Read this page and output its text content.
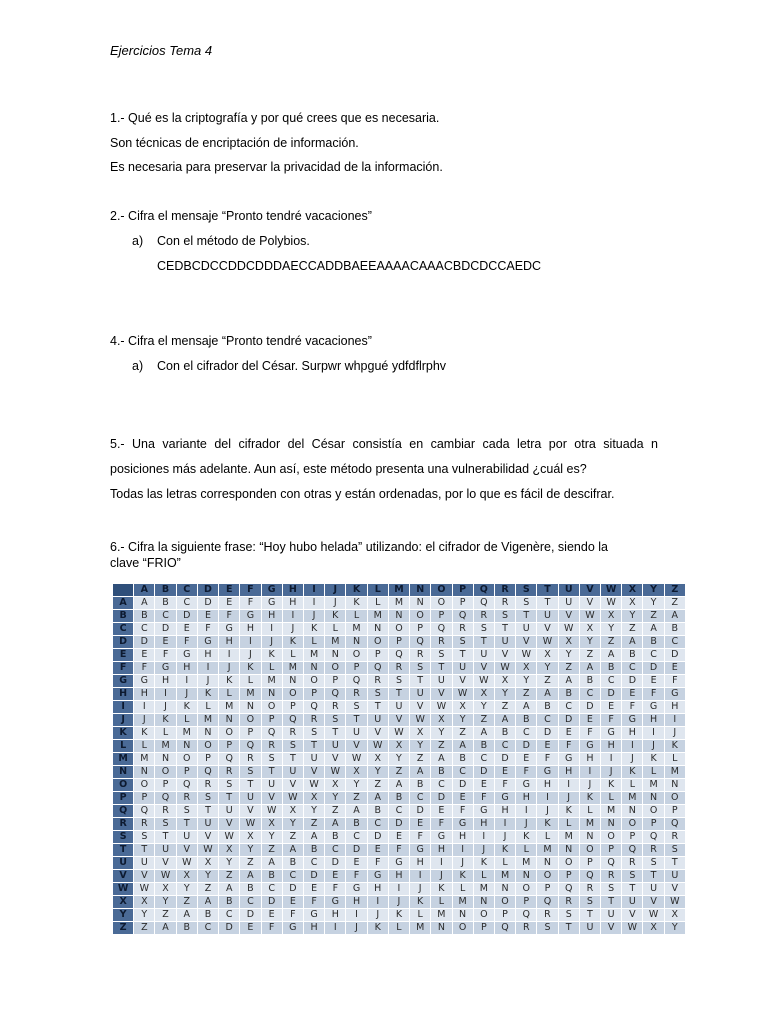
Ejercicios Tema 4
1.- Qué es la criptografía y por qué crees que es necesaria.
Son técnicas de encriptación de información.
Es necesaria para preservar la privacidad de la información.
2.- Cifra el mensaje “Pronto tendré vacaciones”
a) Con el método de Polybios.
CEDBCDCCDDCDDDAECCADDBAEEAAAACAAACBDCDCCAEDC
4.- Cifra el mensaje “Pronto tendré vacaciones”
a) Con el cifrador del César. Surpwr whpgué ydfdflrphv
5.- Una variante del cifrador del César consistía en cambiar cada letra por otra situada n
posiciones más adelante. Aun así, este método presenta una vulnerabilidad ¿cuál es?
Todas las letras corresponden con otras y están ordenadas, por lo que es fácil de descifrar.
6.- Cifra la siguiente frase: “Hoy hubo helada” utilizando: el cifrador de Vigenère, siendo la
clave “FRIO”
	A	B	C	D	E	F	G	H	I	J	K	L	M	N	O	P	Q	R	S	T	U	V	W	X	Y	Z
A	A	B	C	D	E	F	G	H	I	J	K	L	M	N	O	P	Q	R	S	T	U	V	W	X	Y	Z
B	B	C	D	E	F	G	H	I	J	K	L	M	N	O	P	Q	R	S	T	U	V	W	X	Y	Z	A
C	C	D	E	F	G	H	I	J	K	L	M	N	O	P	Q	R	S	T	U	V	W	X	Y	Z	A	B
D	D	E	F	G	H	I	J	K	L	M	N	O	P	Q	R	S	T	U	V	W	X	Y	Z	A	B	C
E	E	F	G	H	I	J	K	L	M	N	O	P	Q	R	S	T	U	V	W	X	Y	Z	A	B	C	D
F	F	G	H	I	J	K	L	M	N	O	P	Q	R	S	T	U	V	W	X	Y	Z	A	B	C	D	E
G	G	H	I	J	K	L	M	N	O	P	Q	R	S	T	U	V	W	X	Y	Z	A	B	C	D	E	F
H	H	I	J	K	L	M	N	O	P	Q	R	S	T	U	V	W	X	Y	Z	A	B	C	D	E	F	G
I	I	J	K	L	M	N	O	P	Q	R	S	T	U	V	W	X	Y	Z	A	B	C	D	E	F	G	H
J	J	K	L	M	N	O	P	Q	R	S	T	U	V	W	X	Y	Z	A	B	C	D	E	F	G	H	I
K	K	L	M	N	O	P	Q	R	S	T	U	V	W	X	Y	Z	A	B	C	D	E	F	G	H	I	J
L	L	M	N	O	P	Q	R	S	T	U	V	W	X	Y	Z	A	B	C	D	E	F	G	H	I	J	K
M	M	N	O	P	Q	R	S	T	U	V	W	X	Y	Z	A	B	C	D	E	F	G	H	I	J	K	L
N	N	O	P	Q	R	S	T	U	V	W	X	Y	Z	A	B	C	D	E	F	G	H	I	J	K	L	M
O	O	P	Q	R	S	T	U	V	W	X	Y	Z	A	B	C	D	E	F	G	H	I	J	K	L	M	N
P	P	Q	R	S	T	U	V	W	X	Y	Z	A	B	C	D	E	F	G	H	I	J	K	L	M	N	O
Q	Q	R	S	T	U	V	W	X	Y	Z	A	B	C	D	E	F	G	H	I	J	K	L	M	N	O	P
R	R	S	T	U	V	W	X	Y	Z	A	B	C	D	E	F	G	H	I	J	K	L	M	N	O	P	Q
S	S	T	U	V	W	X	Y	Z	A	B	C	D	E	F	G	H	I	J	K	L	M	N	O	P	Q	R
T	T	U	V	W	X	Y	Z	A	B	C	D	E	F	G	H	I	J	K	L	M	N	O	P	Q	R	S
U	U	V	W	X	Y	Z	A	B	C	D	E	F	G	H	I	J	K	L	M	N	O	P	Q	R	S	T
V	V	W	X	Y	Z	A	B	C	D	E	F	G	H	I	J	K	L	M	N	O	P	Q	R	S	T	U
W	W	X	Y	Z	A	B	C	D	E	F	G	H	I	J	K	L	M	N	O	P	Q	R	S	T	U	V
X	X	Y	Z	A	B	C	D	E	F	G	H	I	J	K	L	M	N	O	P	Q	R	S	T	U	V	W
Y	Y	Z	A	B	C	D	E	F	G	H	I	J	K	L	M	N	O	P	Q	R	S	T	U	V	W	X
Z	Z	A	B	C	D	E	F	G	H	I	J	K	L	M	N	O	P	Q	R	S	T	U	V	W	X	Y
